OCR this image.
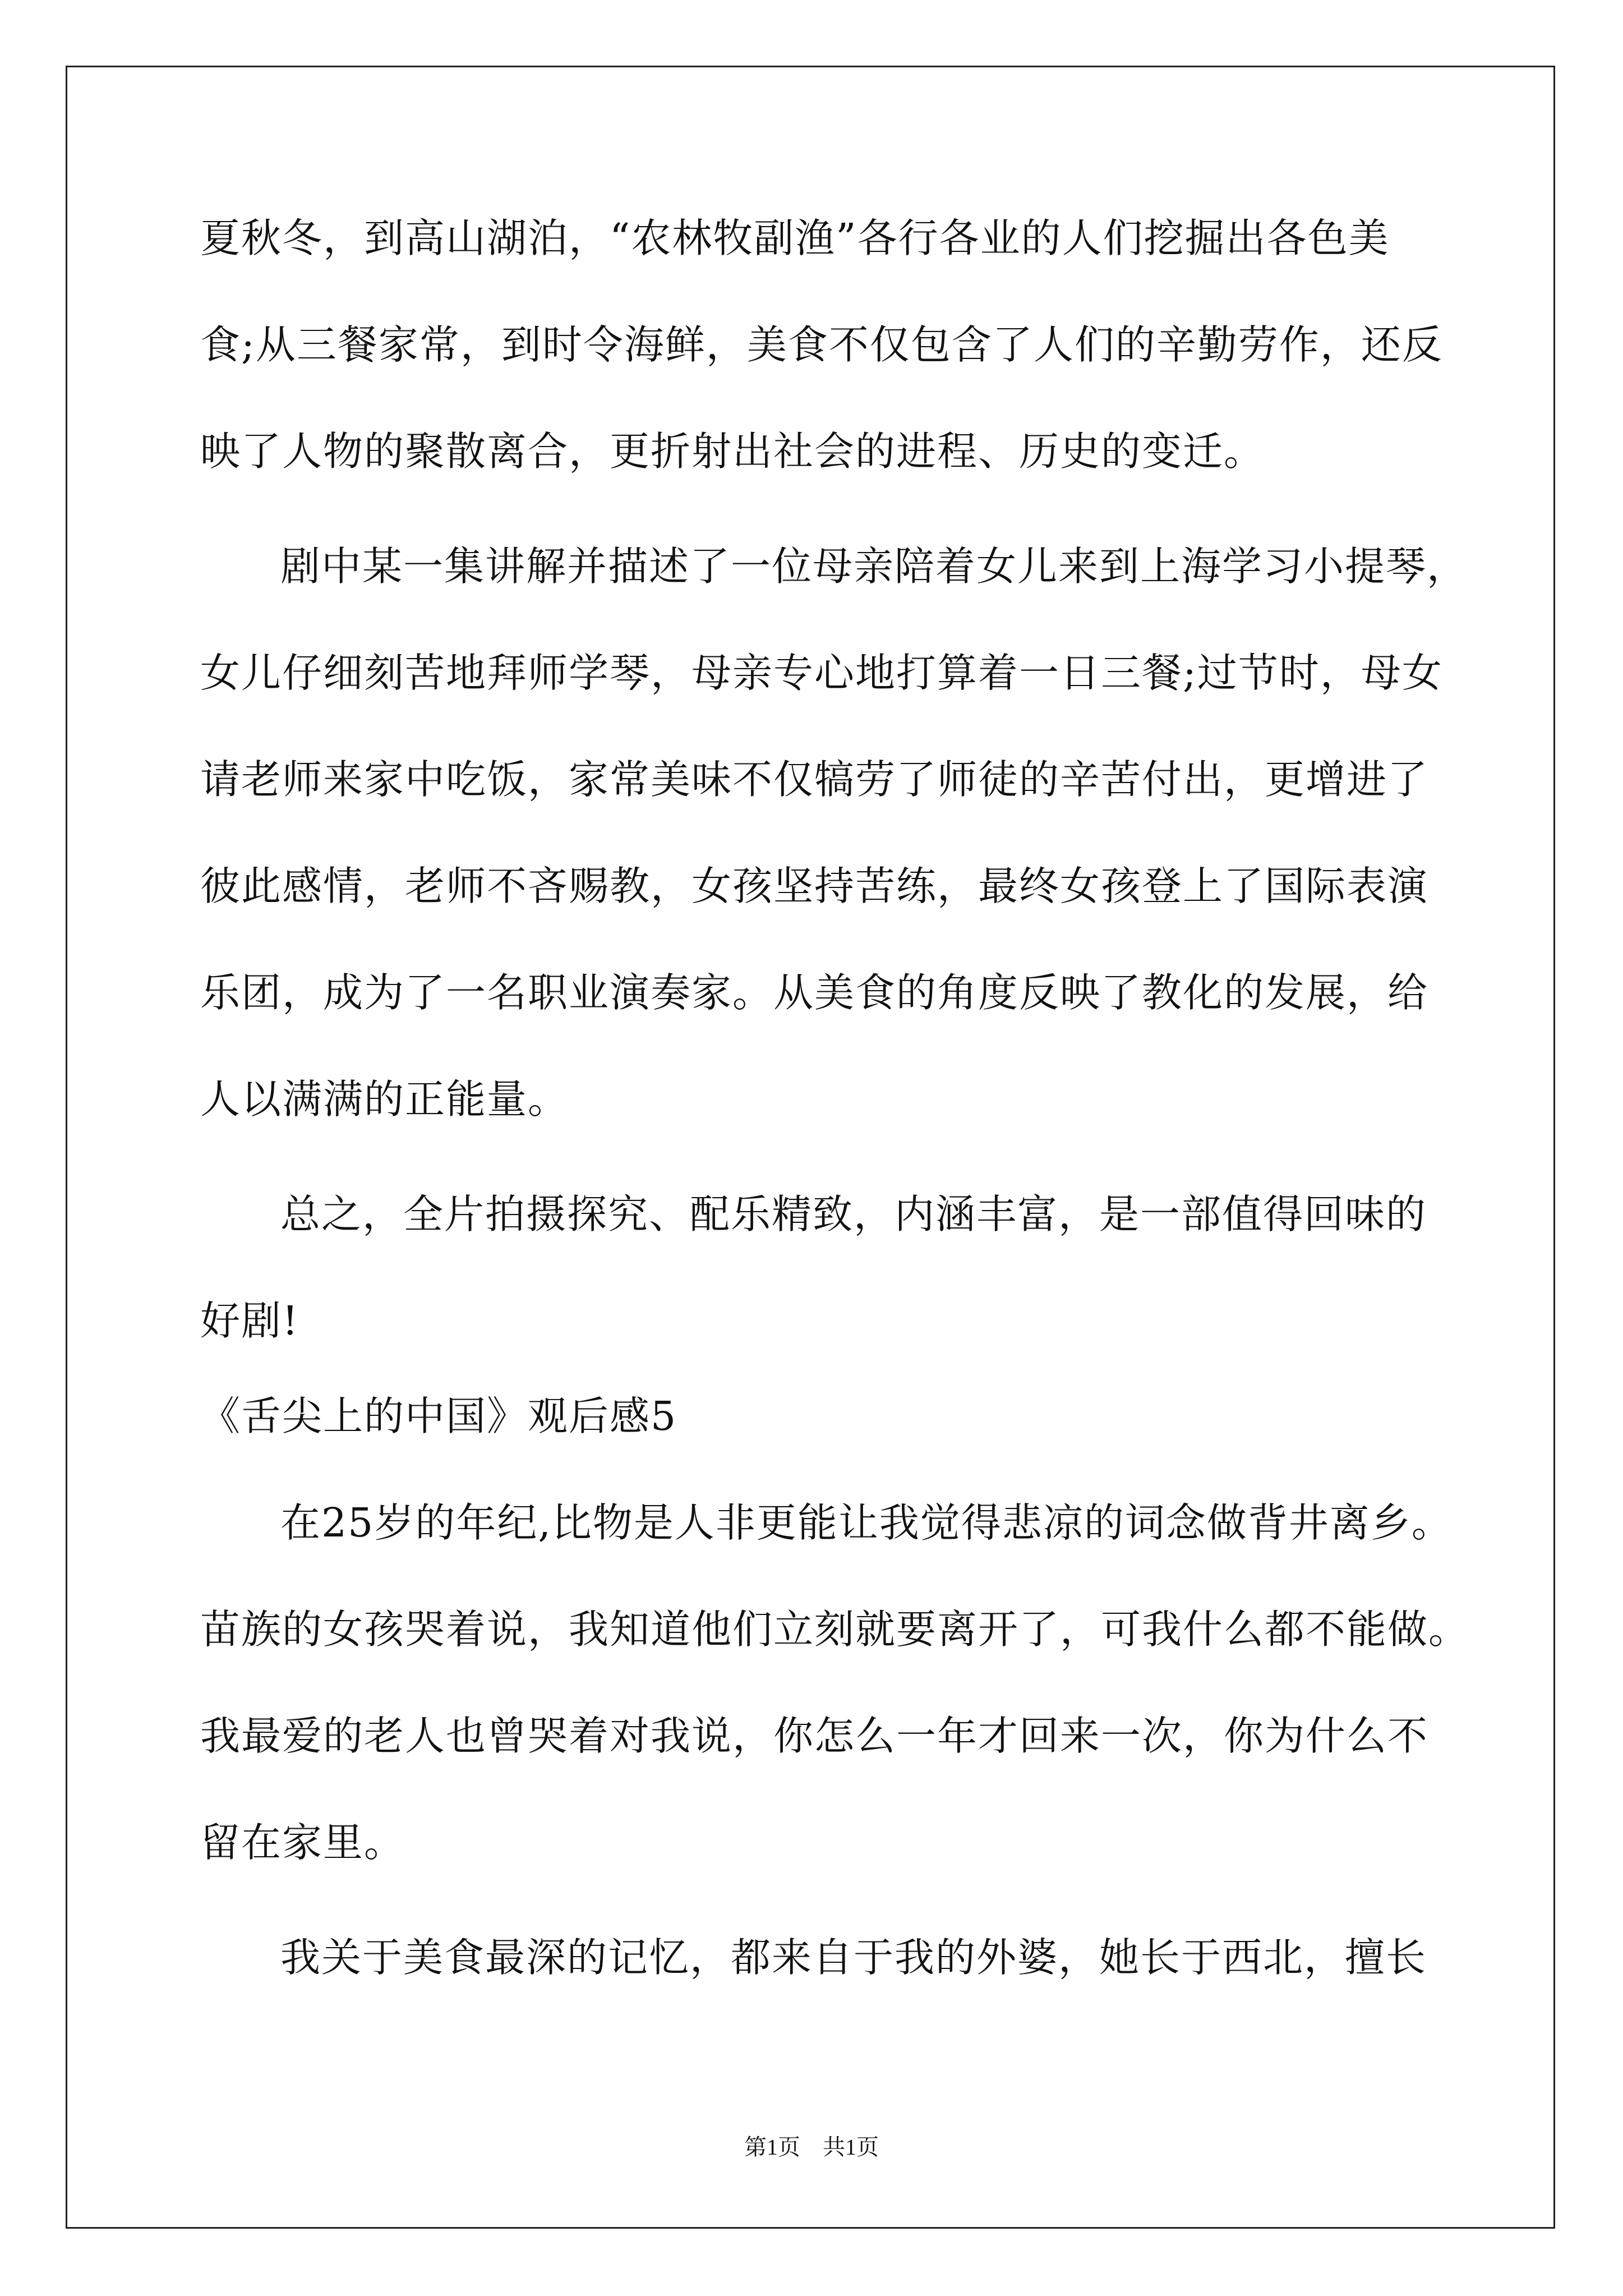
夏秋冬，到高山湖泊，“农林牧副渔”各行各业的人们挖掘出各色美
食;从三餐家常，到时令海鲜，美食不仅包含了人们的辛勤劳作，还反
映了人物的聚散离合，更折射出社会的进程、历史的变迁。
剧中某一集讲解并描述了一位母亲陪着女儿来到上海学习小提琴，
女儿仔细刻苦地拜师学琴，母亲专心地打算着一日三餐;过节时，母女
请老师来家中吃饭，家常美味不仅犒劳了师徒的辛苦付出，更增进了
彼此感情，老师不吝赐教，女孩坚持苦练，最终女孩登上了国际表演
乐团，成为了一名职业演奏家。从美食的角度反映了教化的发展，给
人以满满的正能量。
总之，全片拍摄探究、配乐精致，内涵丰富，是一部值得回味的
好剧!
《舌尖上的中国》观后感5
在25岁的年纪,比物是人非更能让我觉得悲凉的词念做背井离乡。
苗族的女孩哭着说，我知道他们立刻就要离开了，可我什么都不能做。
我最爱的老人也曾哭着对我说，你怎么一年才回来一次，你为什么不
留在家里。
我关于美食最深的记忆，都来自于我的外婆，她长于西北，擅长
第1页　共1页
